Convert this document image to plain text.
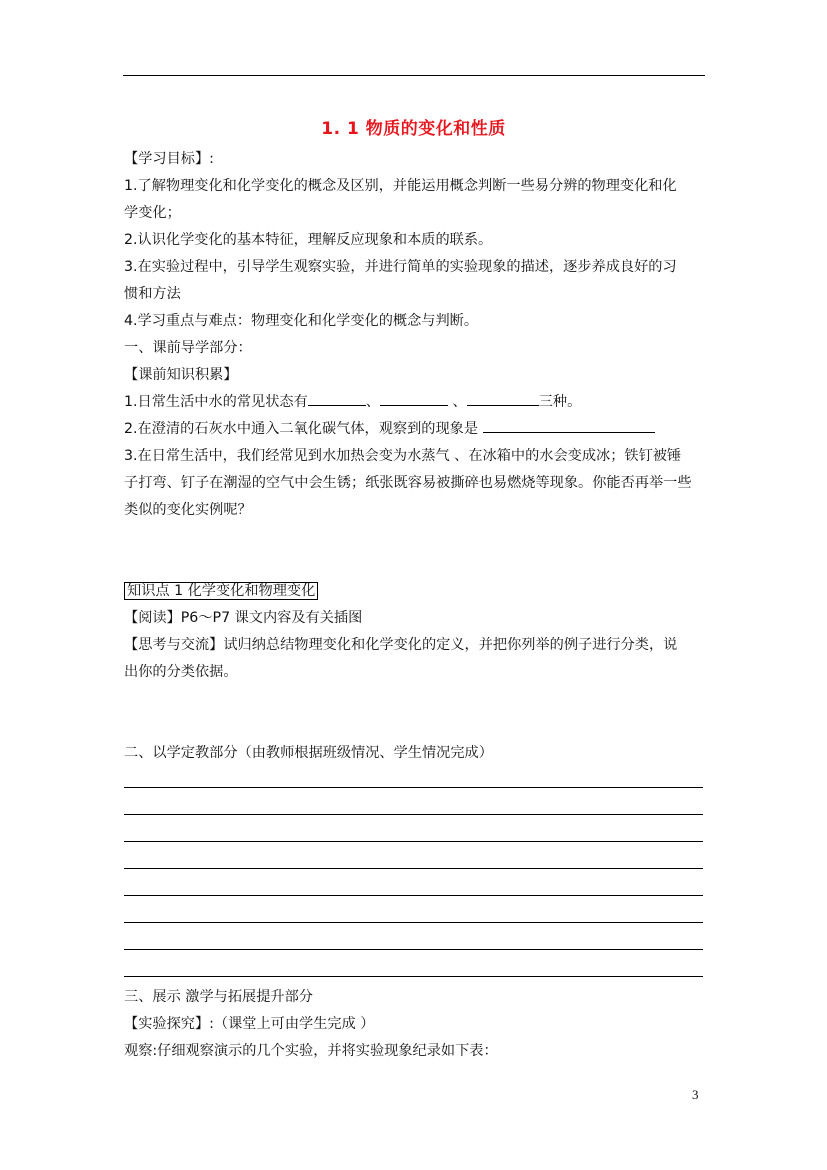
1. 1 物质的变化和性质
【学习目标】:
1.了解物理变化和化学变化的概念及区别，并能运用概念判断一些易分辨的物理变化和化
学变化；
2.认识化学变化的基本特征，理解反应现象和本质的联系。
3.在实验过程中，引导学生观察实验，并进行简单的实验现象的描述，逐步养成良好的习
惯和方法
4.学习重点与难点：物理变化和化学变化的概念与判断。
一、课前导学部分：
【课前知识积累】
1.日常生活中水的常见状态有	、	、	三种。
2.在澄清的石灰水中通入二氧化碳气体，观察到的现象是
3.在日常生活中，我们经常见到水加热会变为水蒸气 、在冰箱中的水会变成冰；铁钉被锤
子打弯、钉子在潮湿的空气中会生锈；纸张既容易被撕碎也易燃烧等现象。你能否再举一些
类似的变化实例呢？
知识点 1 化学变化和物理变化
【阅读】P6～P7 课文内容及有关插图
【思考与交流】试归纳总结物理变化和化学变化的定义，并把你列举的例子进行分类，说
出你的分类依据。
二、以学定教部分（由教师根据班级情况、学生情况完成）
三、展示 激学与拓展提升部分
【实验探究】:（课堂上可由学生完成 ）
观察:仔细观察演示的几个实验，并将实验现象纪录如下表：
3
